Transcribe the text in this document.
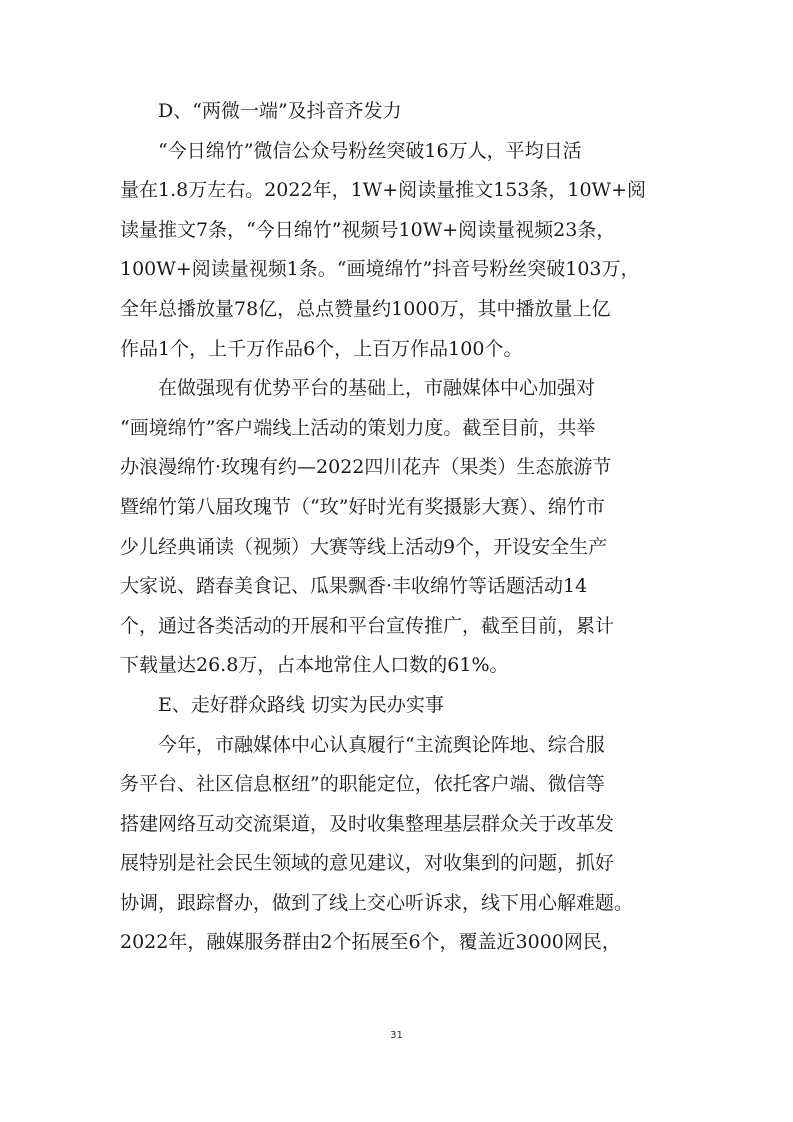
D、“两微一端”及抖音齐发力
“今日绵竹”微信公众号粉丝突破16万人，平均日活
量在1.8万左右。2022年，1W+阅读量推文153条，10W+阅
读量推文7条，“今日绵竹”视频号10W+阅读量视频23条，
100W+阅读量视频1条。“画境绵竹”抖音号粉丝突破103万，
全年总播放量78亿，总点赞量约1000万，其中播放量上亿
作品1个，上千万作品6个，上百万作品100个。
在做强现有优势平台的基础上，市融媒体中心加强对
“画境绵竹”客户端线上活动的策划力度。截至目前，共举
办浪漫绵竹·玫瑰有约—2022四川花卉（果类）生态旅游节
暨绵竹第八届玫瑰节（“玫”好时光有奖摄影大赛）、绵竹市
少儿经典诵读（视频）大赛等线上活动9个，开设安全生产
大家说、踏春美食记、瓜果飘香·丰收绵竹等话题活动14
个，通过各类活动的开展和平台宣传推广，截至目前，累计
下载量达26.8万，占本地常住人口数的61%。
E、走好群众路线 切实为民办实事
今年，市融媒体中心认真履行“主流舆论阵地、综合服
务平台、社区信息枢纽”的职能定位，依托客户端、微信等
搭建网络互动交流渠道，及时收集整理基层群众关于改革发
展特别是社会民生领域的意见建议，对收集到的问题，抓好
协调，跟踪督办，做到了线上交心听诉求，线下用心解难题。
2022年，融媒服务群由2个拓展至6个，覆盖近3000网民，
31
